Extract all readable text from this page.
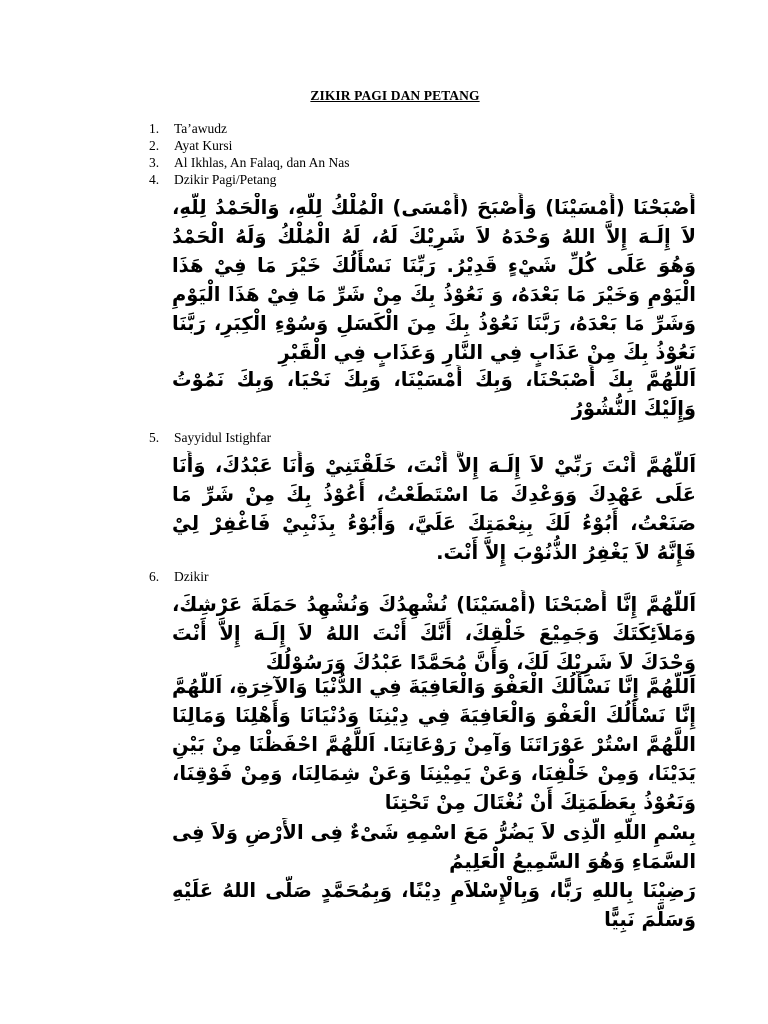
ZIKIR PAGI DAN PETANG
1.	Ta’awudz
2.	Ayat Kursi
3.	Al Ikhlas, An Falaq, dan An Nas
4.	Dzikir Pagi/Petang

أَصْبَحْنَا (أَمْسَيْنَا) وَأَصْبَحَ (أَمْسَى) الْمُلْكُ لِلَّهِ، وَالْحَمْدُ لِلَّهِ، لاَ إِلَـهَ إِلاَّ اللهُ وَحْدَهُ لاَ شَرِيْكَ لَهُ، لَهُ الْمُلْكُ وَلَهُ الْحَمْدُ وَهُوَ عَلَى كُلِّ شَيْءٍ قَدِيْرُ. رَبِّنَا نَسْأَلُكَ خَيْرَ مَا فِيْ هَذَا الْيَوْمِ وَخَيْرَ مَا بَعْدَهُ، وَ نَعُوْذُ بِكَ مِنْ شَرِّ مَا فِيْ هَذَا الْيَوْمِ وَشَرِّ مَا بَعْدَهُ، رَبَّنَا نَعُوْذُ بِكَ مِنَ الْكَسَلِ وَسُوْءِ الْكِبَرِ، رَبَّنَا نَعُوْذُ بِكَ مِنْ عَذَابٍ فِي النَّارِ وَعَذَابٍ فِي الْقَبْرِ

اَللَّهُمَّ بِكَ أَصْبَحْنَا، وَبِكَ أَمْسَيْنَا، وَبِكَ نَحْيَا، وَبِكَ نَمُوْتُ وَإِلَيْكَ النُّشُوْرُ

5.	Sayyidul Istighfar

اَللَّهُمَّ أَنْتَ رَبِّيْ لاَ إِلَـهَ إِلاَّ أَنْتَ، خَلَقْتَنِيْ وَأَنَا عَبْدُكَ، وَأَنَا عَلَى عَهْدِكَ وَوَعْدِكَ مَا اسْتَطَعْتُ، أَعُوْذُ بِكَ مِنْ شَرِّ مَا صَنَعْتُ، أَبُوْءُ لَكَ بِنِعْمَتِكَ عَلَيَّ، وَأَبُوْءُ بِذَنْبِيْ فَاغْفِرْ لِيْ فَإِنَّهُ لاَ يَغْفِرُ الذُّنُوْبَ إِلاَّ أَنْتَ.

6.	Dzikir

اَللَّهُمَّ إِنَّا أَصْبَحْنَا (أَمْسَيْنَا) نُشْهِدُكَ وَنُشْهِدُ حَمَلَةَ عَرْشِكَ، وَمَلاَئِكَتَكَ وَجَمِيْعَ خَلْقِكَ، أَنَّكَ أَنْتَ اللهُ لاَ إِلَـهَ إِلاَّ أَنْتَ وَحْدَكَ لاَ شَرِيْكَ لَكَ، وَأَنَّ مُحَمَّدًا عَبْدُكَ وَرَسُوْلُكَ

اَللَّهُمَّ إِنَّا نَسْأَلُكَ الْعَفْوَ وَالْعَافِيَةَ فِي الدُّنْيَا وَالآخِرَةِ، اَللَّهُمَّ إِنَّا نَسْأَلُكَ الْعَفْوَ وَالْعَافِيَةَ فِي دِيْنِنَا وَدُنْيَانَا وَأَهْلِنَا وَمَالِنَا اللَّهُمَّ اسْتُرْ عَوْرَاتَنَا وَآمِنْ رَوْعَاتِنَا. اَللَّهُمَّ احْفَظْنَا مِنْ بَيْنِ يَدَيْنَا، وَمِنْ خَلْفِنَا، وَعَنْ يَمِيْنِنَا وَعَنْ شِمَالِنَا، وَمِنْ فَوْقِنَا، وَنَعُوْذُ بِعَظَمَتِكَ أَنْ نُغْتَالَ مِنْ تَحْتِنَا

بِسْمِ اللَّهِ الَّذِى لاَ يَضُرُّ مَعَ اسْمِهِ شَىْءٌ فِى الأَرْضِ وَلاَ فِى السَّمَاءِ وَهُوَ السَّمِيعُ الْعَلِيمُ

رَضِيْنَا بِاللهِ رَبًّا، وَبِالْإِسْلاَمِ دِيْنًا، وَبِمُحَمَّدٍ صَلَّى اللهُ عَلَيْهِ وَسَلَّمَ نَبِيًّا
